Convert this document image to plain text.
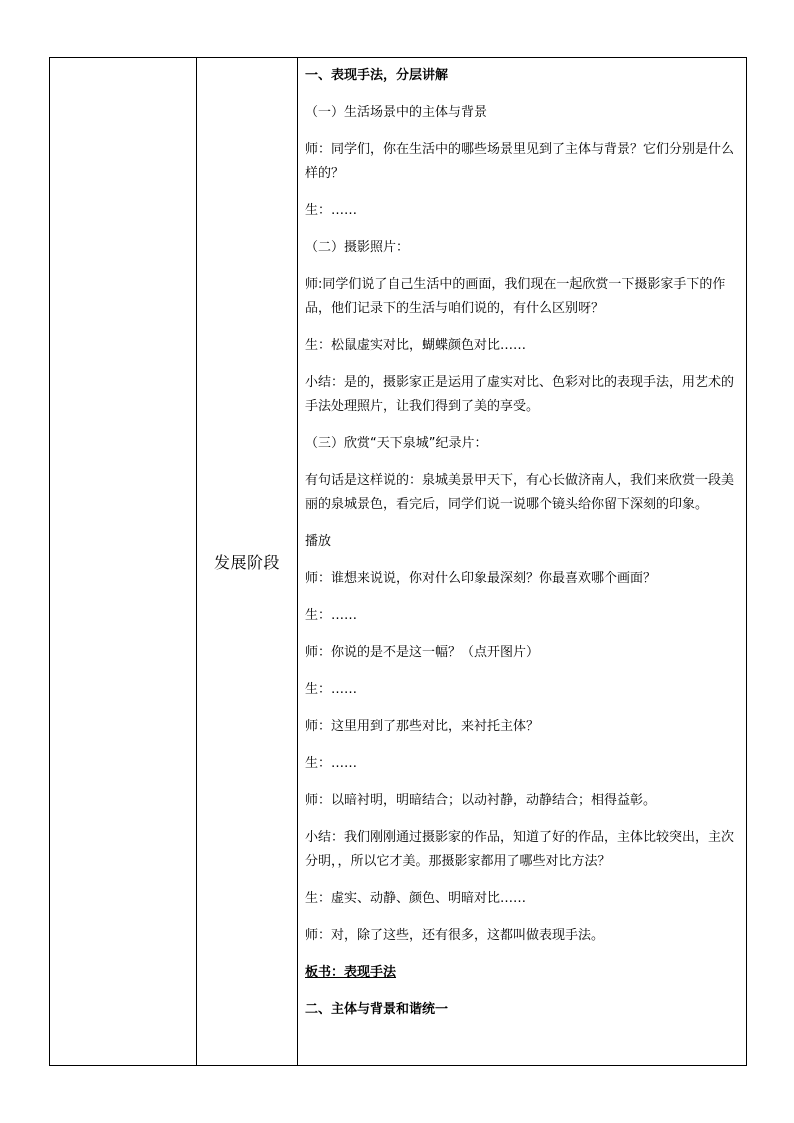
	发展阶段	

一、表现手法，分层讲解

（一）生活场景中的主体与背景

师：同学们，你在生活中的哪些场景里见到了主体与背景？它们分别是什么样的？

生：……

（二）摄影照片：

师:同学们说了自己生活中的画面，我们现在一起欣赏一下摄影家手下的作品，他们记录下的生活与咱们说的，有什么区别呀？

生：松鼠虚实对比，蝴蝶颜色对比……

小结：是的，摄影家正是运用了虚实对比、色彩对比的表现手法，用艺术的手法处理照片，让我们得到了美的享受。

（三）欣赏“天下泉城”纪录片：

有句话是这样说的：泉城美景甲天下，有心长做济南人，我们来欣赏一段美丽的泉城景色，看完后，同学们说一说哪个镜头给你留下深刻的印象。

播放

师：谁想来说说，你对什么印象最深刻？你最喜欢哪个画面？

生：……

师：你说的是不是这一幅？（点开图片）

生：……

师：这里用到了那些对比，来衬托主体？

生：……

师：以暗衬明，明暗结合；以动衬静，动静结合；相得益彰。

小结：我们刚刚通过摄影家的作品，知道了好的作品，主体比较突出，主次分明，，所以它才美。那摄影家都用了哪些对比方法？

生：虚实、动静、颜色、明暗对比……

师：对，除了这些，还有很多，这都叫做表现手法。

板书：表现手法

二、主体与背景和谐统一
